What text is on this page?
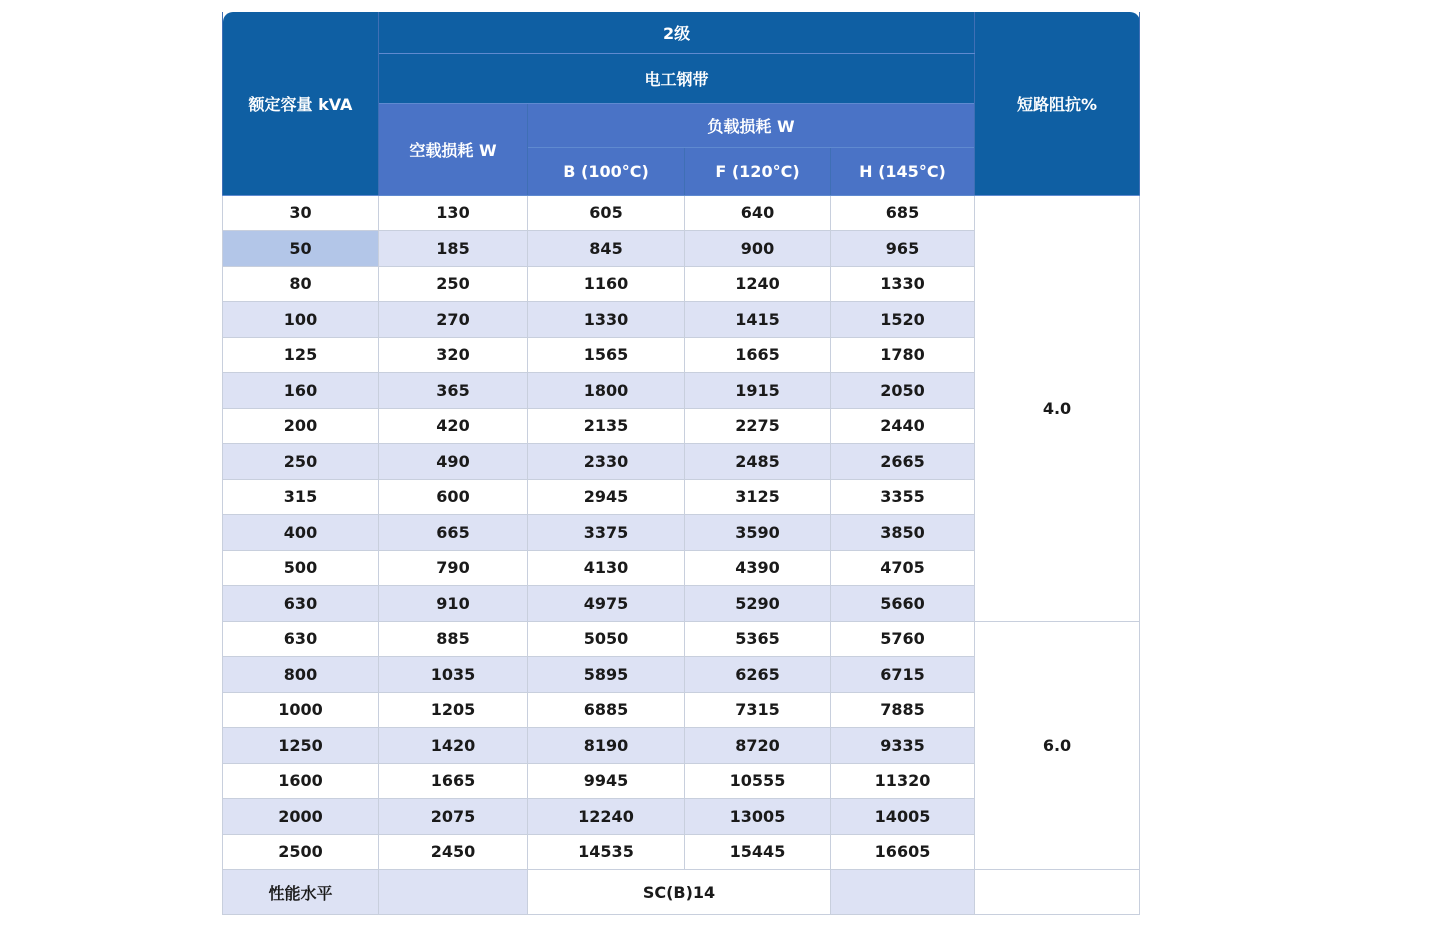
额定容量 kVA	2级				短路阻抗%
	电工钢带				
	空载损耗 W	负载损耗 W			
		B (100°C)	F (120°C)	H (145°C)	
30	130	605	640	685	4.0
50	185	845	900	965	
80	250	1160	1240	1330	
100	270	1330	1415	1520	
125	320	1565	1665	1780	
160	365	1800	1915	2050	
200	420	2135	2275	2440	
250	490	2330	2485	2665	
315	600	2945	3125	3355	
400	665	3375	3590	3850	
500	790	4130	4390	4705	
630	910	4975	5290	5660	
630	885	5050	5365	5760	6.0
800	1035	5895	6265	6715	
1000	1205	6885	7315	7885	
1250	1420	8190	8720	9335	
1600	1665	9945	10555	11320	
2000	2075	12240	13005	14005	
2500	2450	14535	15445	16605	
性能水平		SC(B)14			
